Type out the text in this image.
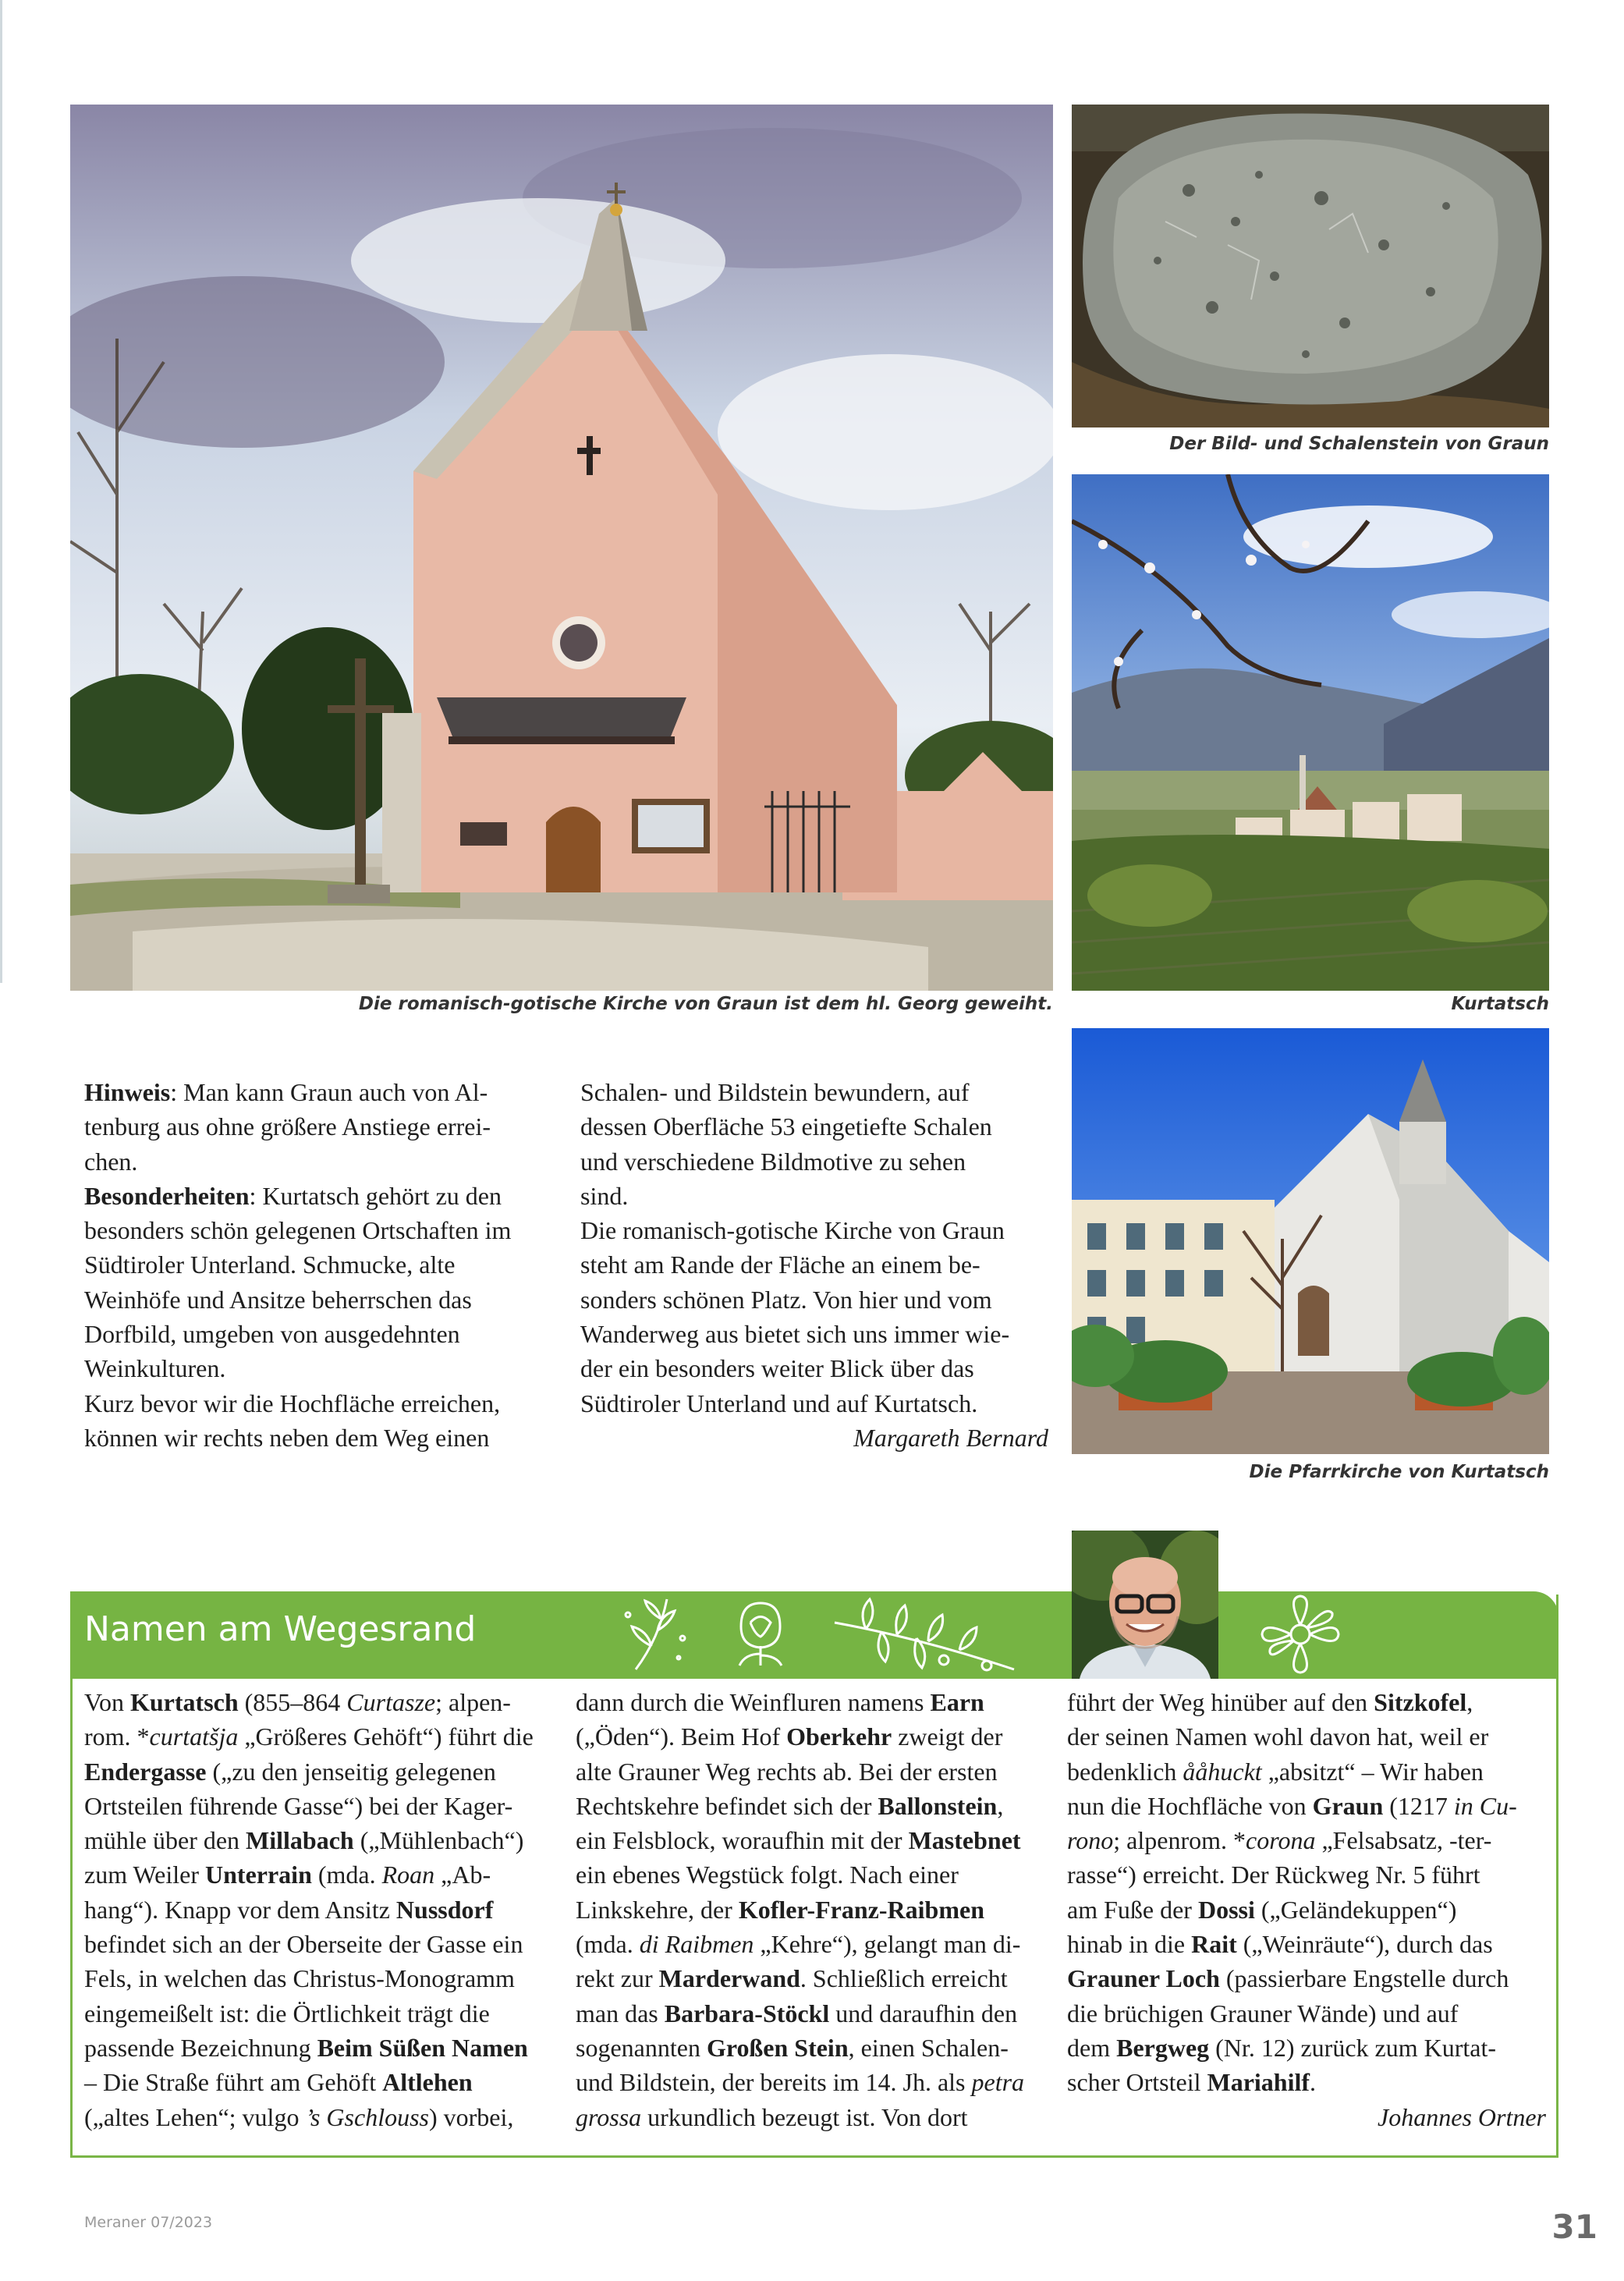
Die romanisch-gotische Kirche von Graun ist dem hl. Georg geweiht.
Der Bild- und Schalenstein von Graun
Kurtatsch
Die Pfarrkirche von Kurtatsch
Hinweis: Man kann Graun auch von Al-
tenburg aus ohne größere Anstiege errei-
chen.
Besonderheiten: Kurtatsch gehört zu den
besonders schön gelegenen Ortschaften im
Südtiroler Unterland. Schmucke, alte
Weinhöfe und Ansitze beherrschen das
Dorfbild, umgeben von ausgedehnten
Weinkulturen.
Kurz bevor wir die Hochfläche erreichen,
können wir rechts neben dem Weg einen
Schalen- und Bildstein bewundern, auf
dessen Oberfläche 53 eingetiefte Schalen
und verschiedene Bildmotive zu sehen
sind.
Die romanisch-gotische Kirche von Graun
steht am Rande der Fläche an einem be-
sonders schönen Platz. Von hier und vom
Wanderweg aus bietet sich uns immer wie-
der ein besonders weiter Blick über das
Südtiroler Unterland und auf Kurtatsch.
Margareth Bernard
Namen am Wegesrand
Von Kurtatsch (855–864 Curtasze; alpen-
rom. *curtatšja „Größeres Gehöft“) führt die
Endergasse („zu den jenseitig gelegenen
Ortsteilen führende Gasse“) bei der Kager-
mühle über den Millabach („Mühlenbach“)
zum Weiler Unterrain (mda. Roan „Ab-
hang“). Knapp vor dem Ansitz Nussdorf
befindet sich an der Oberseite der Gasse ein
Fels, in welchen das Christus-Monogramm
eingemeißelt ist: die Örtlichkeit trägt die
passende Bezeichnung Beim Süßen Namen
– Die Straße führt am Gehöft Altlehen
(„altes Lehen“; vulgo ’s Gschlouss) vorbei,
dann durch die Weinfluren namens Earn
(„Öden“). Beim Hof Oberkehr zweigt der
alte Grauner Weg rechts ab. Bei der ersten
Rechtskehre befindet sich der Ballonstein,
ein Felsblock, woraufhin mit der Mastebnet
ein ebenes Wegstück folgt. Nach einer
Linkskehre, der Kofler-Franz-Raibmen
(mda. di Raibmen „Kehre“), gelangt man di-
rekt zur Marderwand. Schließlich erreicht
man das Barbara-Stöckl und daraufhin den
sogenannten Großen Stein, einen Schalen-
und Bildstein, der bereits im 14. Jh. als petra
grossa urkundlich bezeugt ist. Von dort
führt der Weg hinüber auf den Sitzkofel,
der seinen Namen wohl davon hat, weil er
bedenklich ååhuckt „absitzt“ – Wir haben
nun die Hochfläche von Graun (1217 in Cu-
rono; alpenrom. *corona „Felsabsatz, -ter-
rasse“) erreicht. Der Rückweg Nr. 5 führt
am Fuße der Dossi („Geländekuppen“)
hinab in die Rait („Weinräute“), durch das
Grauner Loch (passierbare Engstelle durch
die brüchigen Grauner Wände) und auf
dem Bergweg (Nr. 12) zurück zum Kurtat-
scher Ortsteil Mariahilf.
Johannes Ortner
Meraner 07/2023	31
